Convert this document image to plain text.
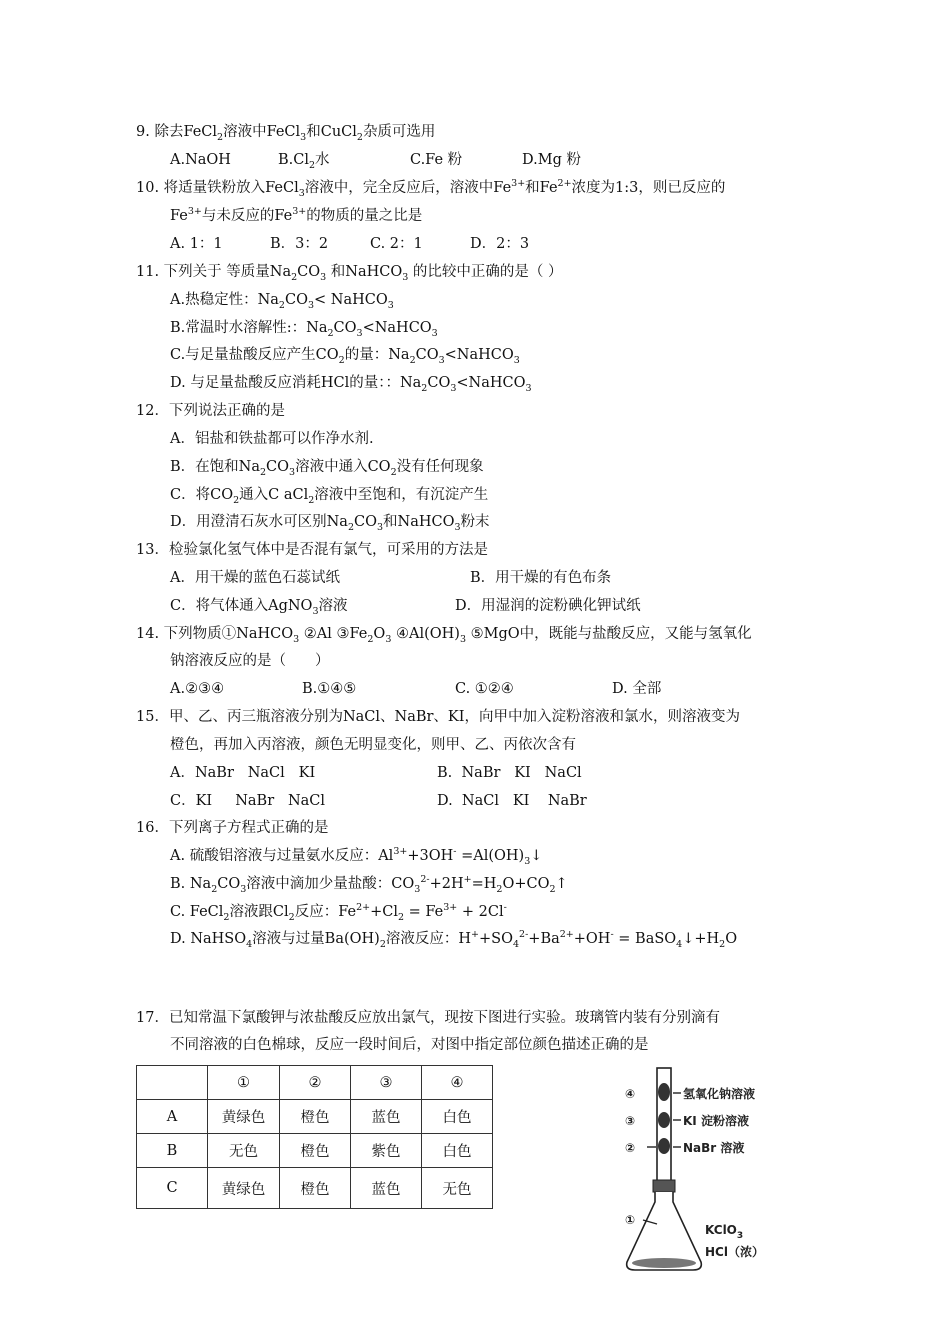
9. 除去FeCl$_2$溶液中FeCl$_3$和CuCl$_2$杂质可选用
A.NaOH	$B.Cl_2$水	C.Fe 粉	D.Mg 粉
10. 将适量铁粉放入FeCl$_3$溶液中，完全反应后，溶液中$Fe^{3+}$和$Fe^{2+}$浓度为1:3，则已反应的
$Fe^{3+}$与未反应的$Fe^{3+}$的物质的量之比是
A. 1：1	B．3：2	C. 2：1	D．2：3
11. 下列关于 等质量$Na_2CO_3$ 和NaHCO$_3$ 的比较中正确的是（ ）
A.热稳定性：$Na_2CO_3<$ NaHCO$_3$
B.常温时水溶解性:：$Na_2CO_3<NaHCO_3$
C.与足量盐酸反应产生$CO_2$的量：$Na_2CO_3<NaHCO_3$
D. 与足量盐酸反应消耗HCl的量：：$Na_2CO_3<NaHCO_3$
12．下列说法正确的是
A．铝盐和铁盐都可以作净水剂.
B．在饱和$Na_2CO_3$溶液中通入$CO_2$没有任何现象
C．将$CO_2$通入C aCl$_2$溶液中至饱和，有沉淀产生
D．用澄清石灰水可区别$Na_2CO_3$和NaHCO$_3$粉末
13．检验氯化氢气体中是否混有氯气，可采用的方法是
A．用干燥的蓝色石蕊试纸	B．用干燥的有色布条
C．将气体通入AgNO$_3$溶液	D．用湿润的淀粉碘化钾试纸
14. 下列物质①NaHCO$_3$ ②Al $③Fe_2O_3$ $④Al(OH)_3$ ⑤MgO中，既能与盐酸反应，又能与氢氧化
钠溶液反应的是（　　）
A.②③④	B.①④⑤	C. ①②④	D. 全部
15．甲、乙、丙三瓶溶液分别为NaCl、NaBr、KI，向甲中加入淀粉溶液和氯水，则溶液变为
橙色，再加入丙溶液，颜色无明显变化，则甲、乙、丙依次含有
A．NaBr   NaCl   KI	B.  NaBr   KI   NaCl
C．KI     NaBr   NaCl	D.  NaCl   KI    NaBr
16．下列离子方程式正确的是
A. 硫酸铝溶液与过量氨水反应：$Al^{3+}+3OH^-$ $=Al(OH)_3↓$
B. $Na_2CO_3$溶液中滴加少量盐酸：$CO_3^{2-}+2H^+=H_2O+CO_2↑$
C. FeCl$_2$溶液跟$Cl_2$反应：$Fe^{2+}+Cl_2 = Fe^{3+} + 2Cl^-$
D. NaHSO$_4$溶液与过量$Ba(OH)_2$溶液反应：$H^++SO_4^{2-}+Ba^{2+}+OH^-$ = $BaSO_4↓+H_2O$
17．已知常温下氯酸钾与浓盐酸反应放出氯气，现按下图进行实验。玻璃管内装有分别滴有
不同溶液的白色棉球，反应一段时间后，对图中指定部位颜色描述正确的是
	①	②	③	④
A	黄绿色	橙色	蓝色	白色
B	无色	橙色	紫色	白色
C	黄绿色	橙色	蓝色	无色
④	氢氧化钠溶液
③	KI 淀粉溶液
②	NaBr 溶液
①
KClO$_3$
HCl（浓）
